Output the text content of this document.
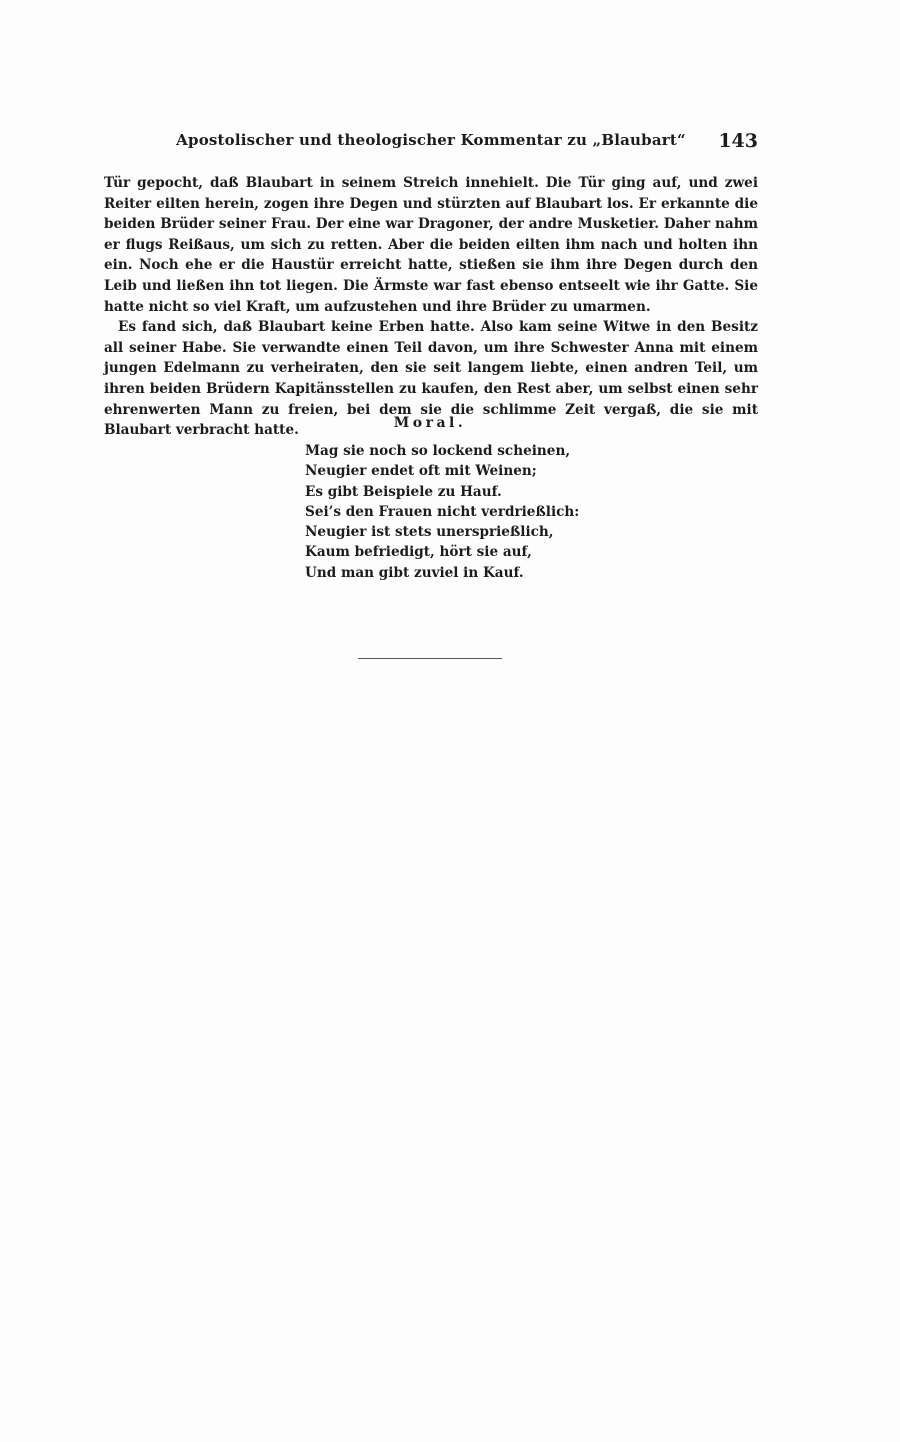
Apostolischer und theologischer Kommentar zu „Blaubart“	143

Tür gepocht, daß Blaubart in seinem Streich innehielt. Die Tür ging auf, und zwei Reiter eilten herein, zogen ihre Degen und stürzten auf Blaubart los. Er erkannte die beiden Brüder seiner Frau. Der eine war Dragoner, der andre Musketier. Daher nahm er flugs Reißaus, um sich zu retten. Aber die beiden eilten ihm nach und holten ihn ein. Noch ehe er die Haustür erreicht hatte, stießen sie ihm ihre Degen durch den Leib und ließen ihn tot liegen. Die Ärmste war fast ebenso entseelt wie ihr Gatte. Sie hatte nicht so viel Kraft, um aufzustehen und ihre Brüder zu umarmen.

Es fand sich, daß Blaubart keine Erben hatte. Also kam seine Witwe in den Besitz all seiner Habe. Sie verwandte einen Teil davon, um ihre Schwester Anna mit einem jungen Edelmann zu verheiraten, den sie seit langem liebte, einen andren Teil, um ihren beiden Brüdern Kapitänsstellen zu kaufen, den Rest aber, um selbst einen sehr ehrenwerten Mann zu freien, bei dem sie die schlimme Zeit vergaß, die sie mit Blaubart verbracht hatte.	Moral.
Mag sie noch so lockend scheinen,
Neugier endet oft mit Weinen;
Es gibt Beispiele zu Hauf.
Sei’s den Frauen nicht verdrießlich:
Neugier ist stets unersprießlich,
Kaum befriedigt, hört sie auf,
Und man gibt zuviel in Kauf.
